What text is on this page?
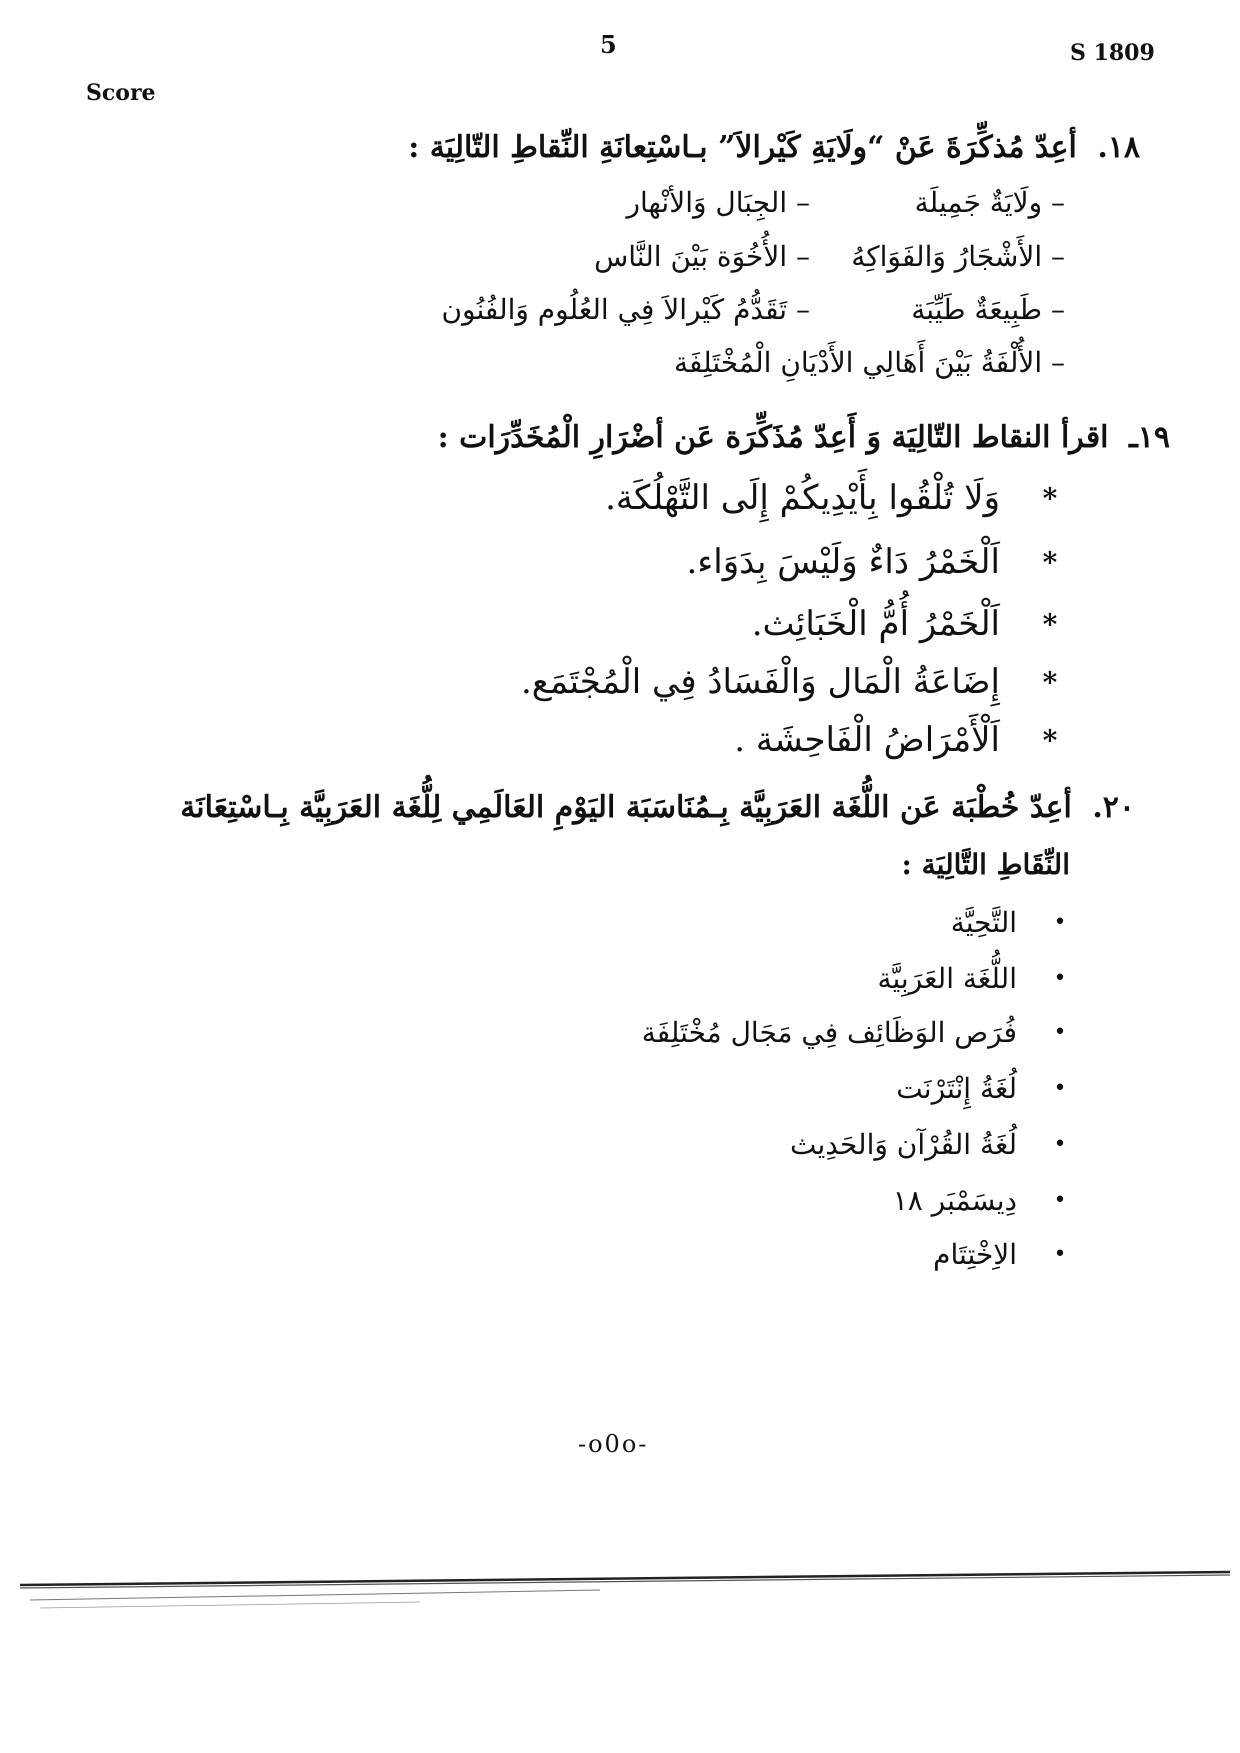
5	S 1809
Score
١٨. أعِدّ مُذكِّرَةَ عَنْ “ولَايَةِ كَيْرالاَ” بـاسْتِعانَةِ النِّقاطِ التّالِيَة :
– ولَايَةٌ جَمِيلَة
– الجِبَال وَالأنْهار
– الأَشْجَارُ وَالفَوَاكِهُ
– الأُخُوَة بَيْنَ النَّاس
– طَبِيعَةٌ طَيِّبَة
– تَقَدُّمُ كَيْرالاَ فِي العُلُوم وَالفُنُون
– الأُلْفَةُ بَيْنَ أَهَالِي الأَدْيَانِ الْمُخْتَلِفَة
١٩ـ اقرأ النقاط التّالِيَة وَ أَعِدّ مُذَكِّرَة عَن أضْرَارِ الْمُخَدِّرَات :
*
وَلَا تُلْقُوا بِأَيْدِيكُمْ إِلَى التَّهْلُكَة.
*
اَلْخَمْرُ دَاءٌ وَلَيْسَ بِدَوَاء.
*
اَلْخَمْرُ أُمُّ الْخَبَائِث.
*
إِضَاعَةُ الْمَال وَالْفَسَادُ فِي الْمُجْتَمَع.
*
اَلْأَمْرَاضُ الْفَاحِشَة .
٢٠. أعِدّ خُطْبَة عَن اللُّغَة العَرَبِيَّة بِـمُنَاسَبَة اليَوْمِ العَالَمِي لِلُّغَة العَرَبِيَّة بِـاسْتِعَانَة
النِّقَاطِ التَّالِيَة :
•
التَّحِيَّة
•
اللُّغَة العَرَبِيَّة
•
فُرَص الوَظَائِف فِي مَجَال مُخْتَلِفَة
•
لُغَةُ إِنْتَرْنَت
•
لُغَةُ القُرْآن وَالحَدِيث
•
دِيسَمْبَر ١٨
•
الاِخْتِتَام
-o0o-
